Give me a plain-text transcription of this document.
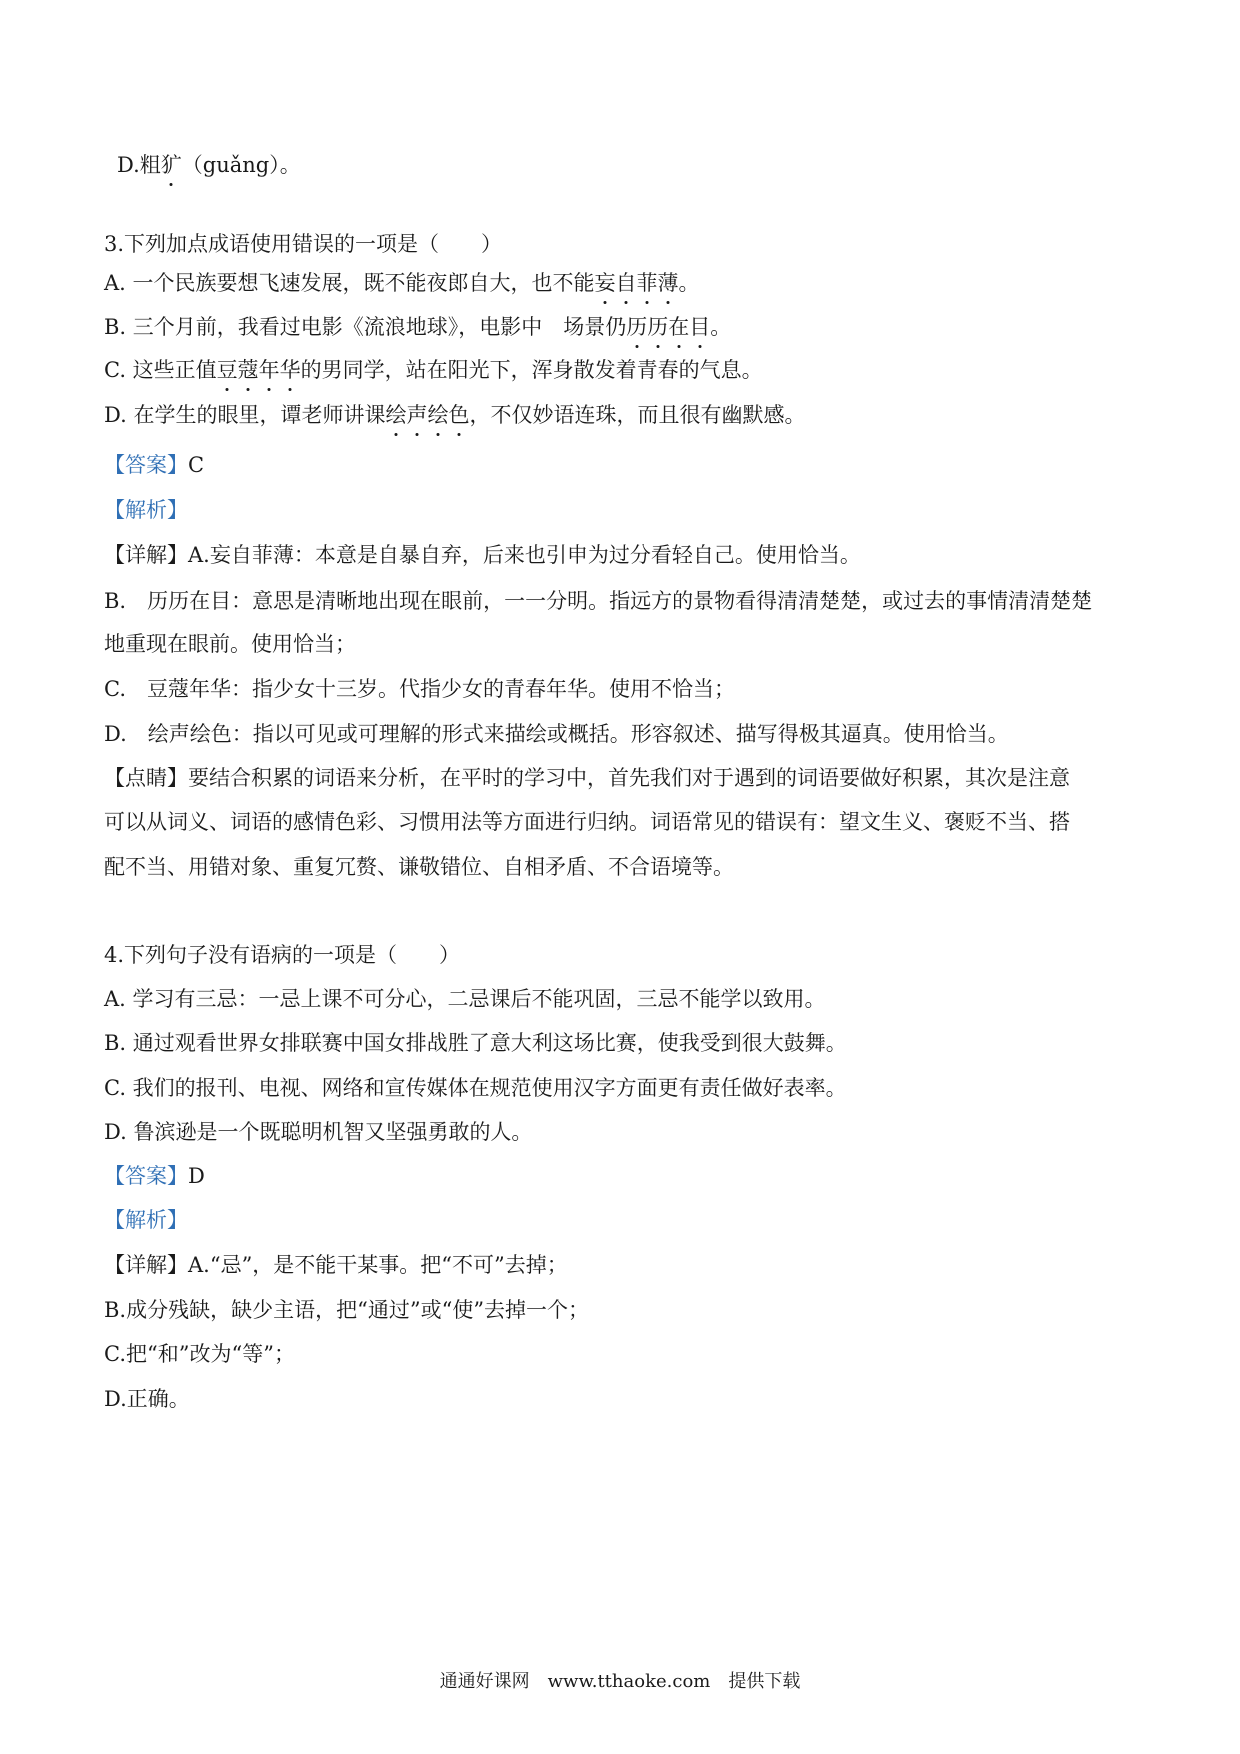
D.粗犷（guǎng）。

3.下列加点成语使用错误的一项是（　　）

A. 一个民族要想飞速发展，既不能夜郎自大，也不能妄自菲薄。

B. 三个月前，我看过电影《流浪地球》，电影中　场景仍历历在目。

C. 这些正值豆蔻年华的男同学，站在阳光下，浑身散发着青春的气息。

D. 在学生的眼里，谭老师讲课绘声绘色，不仅妙语连珠，而且很有幽默感。

【答案】C

【解析】

【详解】A.妄自菲薄：本意是自暴自弃，后来也引申为过分看轻自己。使用恰当。

B.　历历在目：意思是清晰地出现在眼前，一一分明。指远方的景物看得清清楚楚，或过去的事情清清楚楚

地重现在眼前。使用恰当；

C.　豆蔻年华：指少女十三岁。代指少女的青春年华。使用不恰当；

D.　绘声绘色：指以可见或可理解的形式来描绘或概括。形容叙述、描写得极其逼真。使用恰当。

【点睛】要结合积累的词语来分析，在平时的学习中，首先我们对于遇到的词语要做好积累，其次是注意

可以从词义、词语的感情色彩、习惯用法等方面进行归纳。词语常见的错误有：望文生义、褒贬不当、搭

配不当、用错对象、重复冗赘、谦敬错位、自相矛盾、不合语境等。

4.下列句子没有语病的一项是（　　）

A. 学习有三忌：一忌上课不可分心，二忌课后不能巩固，三忌不能学以致用。

B. 通过观看世界女排联赛中国女排战胜了意大利这场比赛，使我受到很大鼓舞。

C. 我们的报刊、电视、网络和宣传媒体在规范使用汉字方面更有责任做好表率。

D. 鲁滨逊是一个既聪明机智又坚强勇敢的人。

【答案】D

【解析】

【详解】A.“忌”，是不能干某事。把“不可”去掉；

B.成分残缺，缺少主语，把“通过”或“使”去掉一个；

C.把“和”改为“等”；

D.正确。

通通好课网　www.tthaoke.com　提供下载
